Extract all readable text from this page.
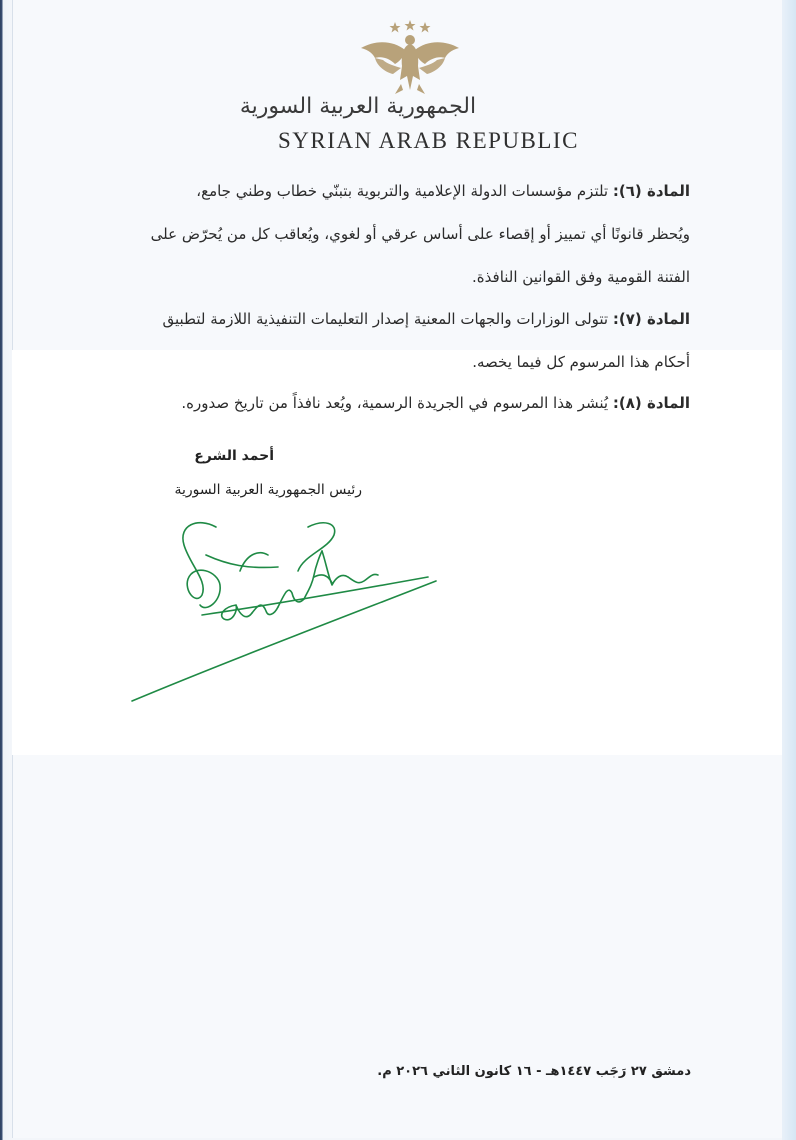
الجمهورية العربية السورية
SYRIAN ARAB REPUBLIC
المادة (٦): تلتزم مؤسسات الدولة الإعلامية والتربوية بتبنّي خطاب وطني جامع،
ويُحظر قانونًا أي تمييز أو إقصاء على أساس عرقي أو لغوي، ويُعاقب كل من يُحرّض على
الفتنة القومية وفق القوانين النافذة.
المادة (٧): تتولى الوزارات والجهات المعنية إصدار التعليمات التنفيذية اللازمة لتطبيق
أحكام هذا المرسوم كل فيما يخصه.
المادة (٨): يُنشر هذا المرسوم في الجريدة الرسمية، ويُعد نافذاً من تاريخ صدوره.
أحمد الشرع
رئيس الجمهورية العربية السورية
دمشق ٢٧ رَجَب ١٤٤٧هـ - ١٦ كانون الثاني ٢٠٢٦ م.
